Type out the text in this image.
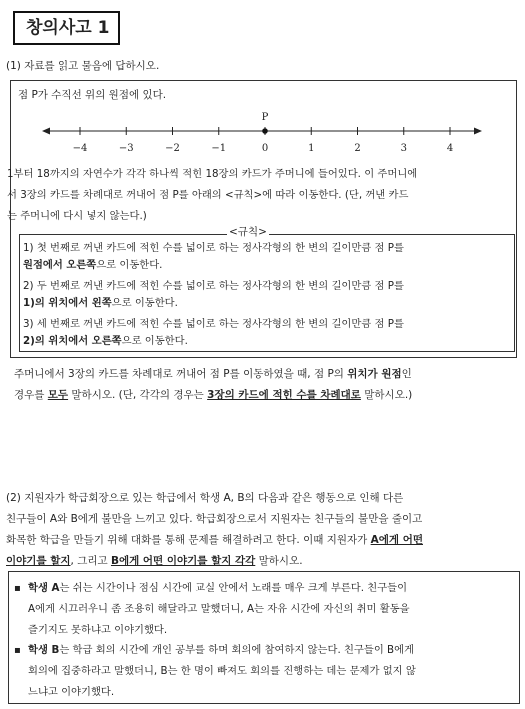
창의사고 1
(1) 자료를 읽고 물음에 답하시오.
점 P가 수직선 위의 원점에 있다.
−4	−3	−2	−1	0	1	2	3	4
P
1부터 18까지의 자연수가 각각 하나씩 적힌 18장의 카드가 주머니에 들어있다. 이 주머니에
서 3장의 카드를 차례대로 꺼내어 점 P를 아래의 <규칙>에 따라 이동한다. (단, 꺼낸 카드
는 주머니에 다시 넣지 않는다.)
<규칙>
1) 첫 번째로 꺼낸 카드에 적힌 수를 넓이로 하는 정사각형의 한 변의 길이만큼 점 P를
원점에서 오른쪽으로 이동한다.
2) 두 번째로 꺼낸 카드에 적힌 수를 넓이로 하는 정사각형의 한 변의 길이만큼 점 P를
1)의 위치에서 왼쪽으로 이동한다.
3) 세 번째로 꺼낸 카드에 적힌 수를 넓이로 하는 정사각형의 한 변의 길이만큼 점 P를
2)의 위치에서 오른쪽으로 이동한다.
주머니에서 3장의 카드를 차례대로 꺼내어 점 P를 이동하였을 때, 점 P의 위치가 원점인
경우를 모두 말하시오. (단, 각각의 경우는 3장의 카드에 적힌 수를 차례대로 말하시오.)
(2) 지원자가 학급회장으로 있는 학급에서 학생 A, B의 다음과 같은 행동으로 인해 다른
친구들이 A와 B에게 불만을 느끼고 있다. 학급회장으로서 지원자는 친구들의 불만을 줄이고
화목한 학급을 만들기 위해 대화를 통해 문제를 해결하려고 한다. 이때 지원자가 A에게 어떤
이야기를 할지, 그리고 B에게 어떤 이야기를 할지 각각 말하시오.
▪ 학생 A는 쉬는 시간이나 점심 시간에 교실 안에서 노래를 매우 크게 부른다. 친구들이
A에게 시끄러우니 좀 조용히 해달라고 말했더니, A는 자유 시간에 자신의 취미 활동을
즐기지도 못하냐고 이야기했다.
▪ 학생 B는 학급 회의 시간에 개인 공부를 하며 회의에 참여하지 않는다. 친구들이 B에게
회의에 집중하라고 말했더니, B는 한 명이 빠져도 회의를 진행하는 데는 문제가 없지 않
느냐고 이야기했다.
